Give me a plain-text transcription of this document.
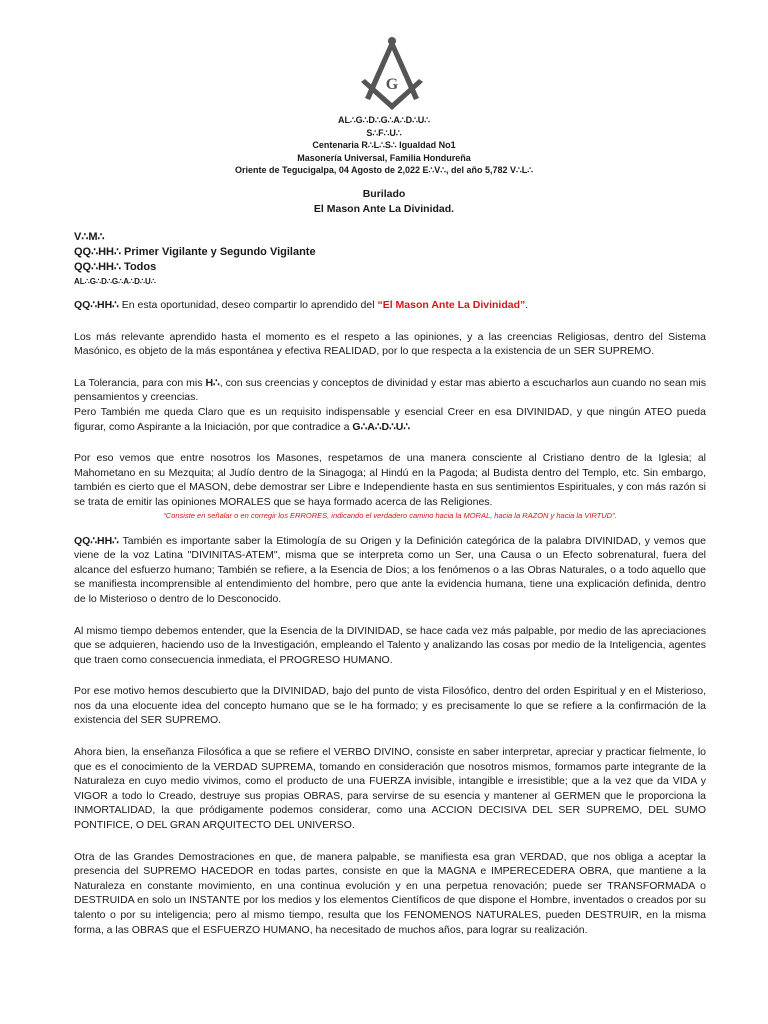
G
AL∴G∴D∴G∴A∴D∴U∴
S∴F∴U∴
Centenaria R∴L∴S∴ Igualdad No1
Masonería Universal, Familia Hondureña
Oriente de Tegucigalpa, 04 Agosto de 2,022 E∴V∴, del año 5,782 V∴L∴
Burilado
El Mason Ante La Divinidad.
V∴M∴
QQ∴HH∴ Primer Vigilante y Segundo Vigilante
QQ∴HH∴ Todos
AL∴G∴D∴G∴A∴D∴U∴

QQ∴HH∴ En esta oportunidad, deseo compartir lo aprendido del “El Mason Ante La Divinidad”.

Los más relevante aprendido hasta el momento es el respeto a las opiniones, y a las creencias Religiosas, dentro del Sistema Masónico, es objeto de la más espontánea y efectiva REALIDAD, por lo que respecta a la existencia de un SER SUPREMO.

La Tolerancia, para con mis H∴, con sus creencias y conceptos de divinidad y estar mas abierto a escucharlos aun cuando no sean mis pensamientos y creencias.
Pero También me queda Claro que es un requisito indispensable y esencial Creer en esa DIVINIDAD, y que ningún ATEO pueda figurar, como Aspirante a la Iniciación, por que contradice a G∴A∴D∴U∴

Por eso vemos que entre nosotros los Masones, respetamos de una manera consciente al Cristiano dentro de la Iglesia; al Mahometano en su Mezquita; al Judío dentro de la Sinagoga; al Hindú en la Pagoda; al Budista dentro del Templo, etc. Sin embargo, también es cierto que el MASON, debe demostrar ser Libre e Independiente hasta en sus sentimientos Espirituales, y con más razón si se trata de emitir las opiniones MORALES que se haya formado acerca de las Religiones.

“Consiste en señalar o en corregir los ERRORES, indicando el verdadero camino hacia la MORAL, hacia la RAZON y hacia la VIRTUD”.

QQ∴HH∴ También es importante saber la Etimología de su Origen y la Definición categórica de la palabra DIVINIDAD, y vemos que viene de la voz Latina "DIVINITAS-ATEM", misma que se interpreta como un Ser, una Causa o un Efecto sobrenatural, fuera del alcance del esfuerzo humano; También se refiere, a la Esencia de Dios; a los fenómenos o a las Obras Naturales, o a todo aquello que se manifiesta incomprensible al entendimiento del hombre, pero que ante la evidencia humana, tiene una explicación definida, dentro de lo Misterioso o dentro de lo Desconocido.

Al mismo tiempo debemos entender, que la Esencia de la DIVINIDAD, se hace cada vez más palpable, por medio de las apreciaciones que se adquieren, haciendo uso de la Investigación, empleando el Talento y analizando las cosas por medio de la Inteligencia, agentes que traen como consecuencia inmediata, el PROGRESO HUMANO.

Por ese motivo hemos descubierto que la DIVINIDAD, bajo del punto de vista Filosófico, dentro del orden Espiritual y en el Misterioso, nos da una elocuente idea del concepto humano que se le ha formado; y es precisamente lo que se refiere a la confirmación de la existencia del SER SUPREMO.

Ahora bien, la enseñanza Filosófica a que se refiere el VERBO DIVINO, consiste en saber interpretar, apreciar y practicar fielmente, lo que es el conocimiento de la VERDAD SUPREMA, tomando en consideración que nosotros mismos, formamos parte integrante de la Naturaleza en cuyo medio vivimos, como el producto de una FUERZA invisible, intangible e irresistible; que a la vez que da VIDA y VIGOR a todo lo Creado, destruye sus propias OBRAS, para servirse de su esencia y mantener al GERMEN que le proporciona la INMORTALIDAD, la que pródigamente podemos considerar, como una ACCION DECISIVA DEL SER SUPREMO, DEL SUMO PONTIFICE, O DEL GRAN ARQUITECTO DEL UNIVERSO.

Otra de las Grandes Demostraciones en que, de manera palpable, se manifiesta esa gran VERDAD, que nos obliga a aceptar la presencia del SUPREMO HACEDOR en todas partes, consiste en que la MAGNA e IMPERECEDERA OBRA, que mantiene a la Naturaleza en constante movimiento, en una continua evolución y en una perpetua renovación; puede ser TRANSFORMADA o DESTRUIDA en solo un INSTANTE por los medios y los elementos Científicos de que dispone el Hombre, inventados o creados por su talento o por su inteligencia; pero al mismo tiempo, resulta que los FENOMENOS NATURALES, pueden DESTRUIR, en la misma forma, a las OBRAS que el ESFUERZO HUMANO, ha necesitado de muchos años, para lograr su realización.
